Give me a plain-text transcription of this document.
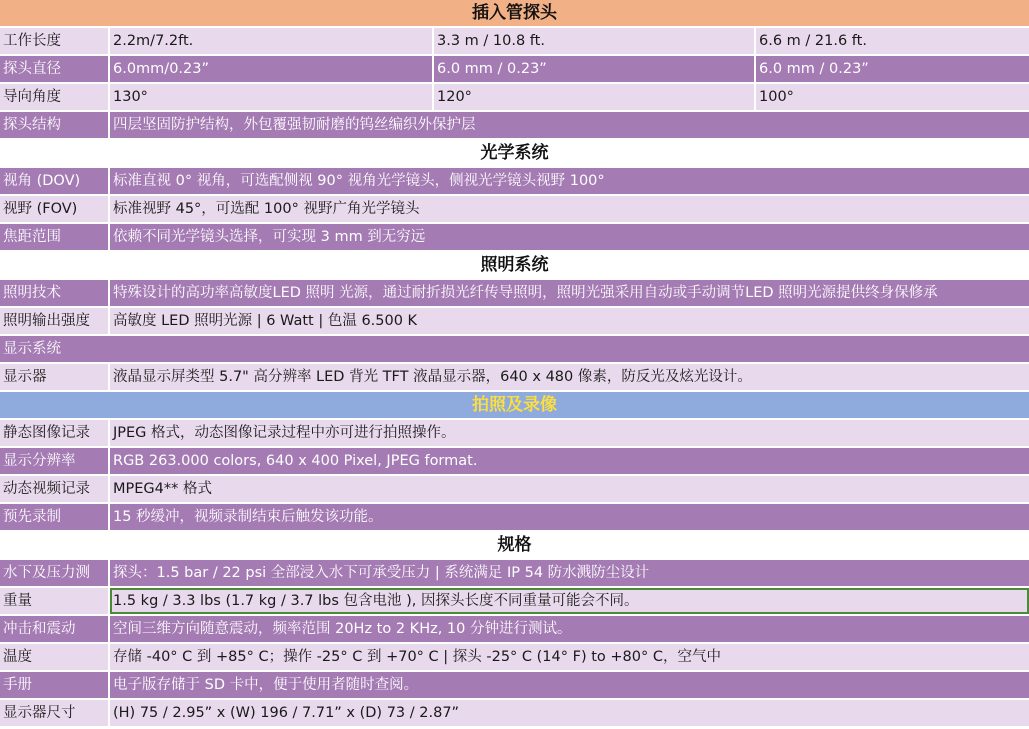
插入管探头
工作长度	2.2m/7.2ft.	3.3 m / 10.8 ft.	6.6 m / 21.6 ft.
探头直径	6.0mm/0.23”	6.0 mm / 0.23”	6.0 mm / 0.23”
导向角度	130°	120°	100°
探头结构	四层坚固防护结构，外包覆强韧耐磨的钨丝编织外保护层
光学系统
视角 (DOV)	标准直视 0° 视角，可选配侧视 90° 视角光学镜头，侧视光学镜头视野 100°
视野 (FOV)	标准视野 45°，可选配 100° 视野广角光学镜头
焦距范围	依赖不同光学镜头选择，可实现 3 mm 到无穷远
照明系统
照明技术	特殊设计的高功率高敏度LED 照明 光源，通过耐折损光纤传导照明，照明光强采用自动或手动调节LED 照明光源提供终身保修承
照明输出强度	高敏度 LED 照明光源 | 6 Watt | 色温 6.500 K
显示系统
显示器	液晶显示屏类型 5.7" 高分辨率 LED 背光 TFT 液晶显示器，640 x 480 像素，防反光及炫光设计。
拍照及录像
静态图像记录	JPEG 格式，动态图像记录过程中亦可进行拍照操作。
显示分辨率	RGB 263.000 colors, 640 x 400 Pixel, JPEG format.
动态视频记录	MPEG4** 格式
预先录制	15 秒缓冲，视频录制结束后触发该功能。
规格
水下及压力测	探头：1.5 bar / 22 psi 全部浸入水下可承受压力 | 系统满足 IP 54 防水溅防尘设计
重量	1.5 kg / 3.3 lbs (1.7 kg / 3.7 lbs 包含电池 ), 因探头长度不同重量可能会不同。
冲击和震动	空间三维方向随意震动，频率范围 20Hz to 2 KHz, 10 分钟进行测试。
温度	存储 -40° C 到 +85° C；操作 -25° C 到 +70° C | 探头 -25° C (14° F) to +80° C，空气中
手册	电子版存储于 SD 卡中，便于使用者随时查阅。
显示器尺寸	(H) 75 / 2.95” x (W) 196 / 7.71” x (D) 73 / 2.87”
